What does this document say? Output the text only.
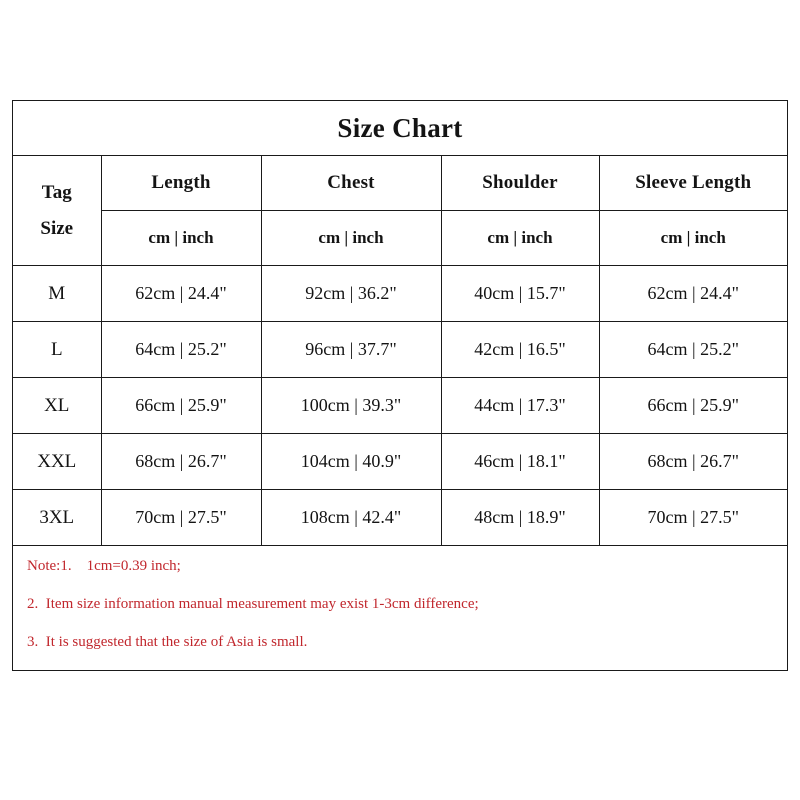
Size Chart
Tag
Size	Length	Chest	Shoulder	Sleeve Length
	cm | inch	cm | inch	cm | inch	cm | inch
M	62cm | 24.4"	92cm | 36.2"	40cm | 15.7"	62cm | 24.4"
L	64cm | 25.2"	96cm | 37.7"	42cm | 16.5"	64cm | 25.2"
XL	66cm | 25.9"	100cm | 39.3"	44cm | 17.3"	66cm | 25.9"
XXL	68cm | 26.7"	104cm | 40.9"	46cm | 18.1"	68cm | 26.7"
3XL	70cm | 27.5"	108cm | 42.4"	48cm | 18.9"	70cm | 27.5"

Note:1.    1cm=0.39 inch;

2.  Item size information manual measurement may exist 1-3cm difference;

3.  It is suggested that the size of Asia is small.
